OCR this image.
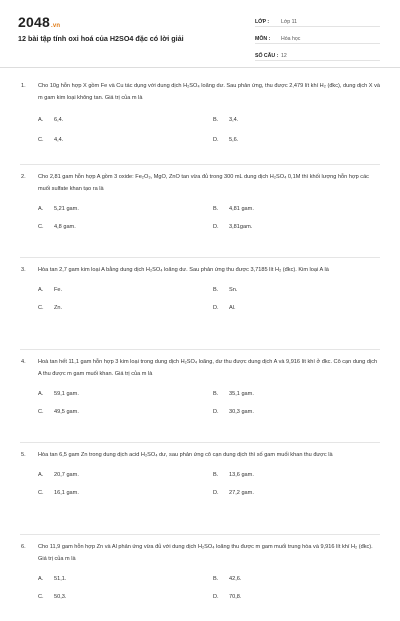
2048.vn
12 bài tập tính oxi hoá của H2SO4 đặc có lời giải
LỚP :	Lớp 11
MÔN :	Hóa học
SỐ CÂU : 12
1.	Cho 10g hỗn hợp X gồm Fe và Cu tác dụng với dung dịch H₂SO₄ loãng dư. Sau phản ứng, thu được 2,479 lít khí H₂ (đkc), dung dịch X và m gam kim loại không tan. Giá trị của m là
A.	6,4.	B.	3,4.
C.	4,4.	D.	5,6.
2.	Cho 2,81 gam hỗn hợp A gồm 3 oxide: Fe₂O₃, MgO, ZnO tan vừa đủ trong 300 mL dung dịch H₂SO₄ 0,1M thì khối lượng hỗn hợp các muối sulfate khan tạo ra là
A.	5,21 gam.	B.	4,81 gam.
C.	4,8 gam.	D.	3,81gam.
3.	Hòa tan 2,7 gam kim loại A bằng dung dịch H₂SO₄ loãng dư. Sau phản ứng thu được 3,7185 lít H₂ (đkc). Kim loại A là
A.	Fe.	B.	Sn.
C.	Zn.	D.	Al.
4.	Hoà tan hết 11,1 gam hỗn hợp 3 kim loại trong dung dịch H₂SO₄ loãng, dư thu được dung dịch A và 9,916 lít khí ở đkc. Cô cạn dung dịch A thu được m gam muối khan. Giá trị của m là
A.	59,1 gam.	B.	35,1 gam.
C.	49,5 gam.	D.	30,3 gam.
5.	Hòa tan 6,5 gam Zn trong dung dịch acid H₂SO₄ dư, sau phản ứng cô cạn dung dịch thì số gam muối khan thu được là
A.	20,7 gam.	B.	13,6 gam.
C.	16,1 gam.	D.	27,2 gam.
6.	Cho 11,9 gam hỗn hợp Zn và Al phản ứng vừa đủ với dung dịch H₂SO₄ loãng thu được m gam muối trung hòa và 9,916 lít khí H₂ (đkc). Giá trị của m là
A.	51,1.	B.	42,6.
C.	50,3.	D.	70,8.
